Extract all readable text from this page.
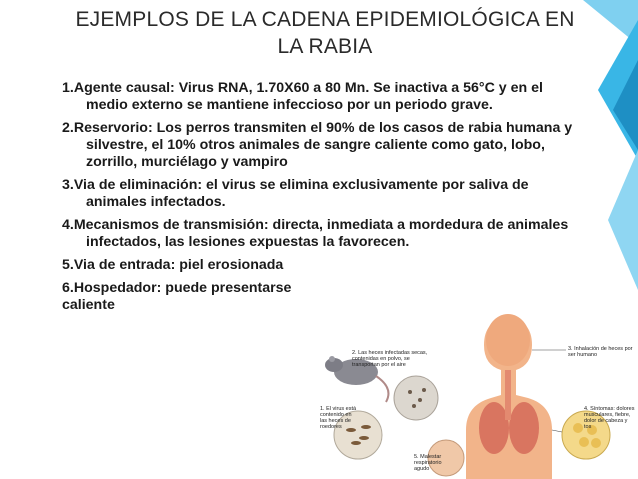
EJEMPLOS DE LA CADENA EPIDEMIOLÓGICA EN
LA RABIA
1.Agente causal: Virus RNA, 1.70X60 a 80 Mn. Se inactiva a 56°C y en el medio externo se mantiene infeccioso por un periodo grave.
2.Reservorio: Los perros transmiten el 90% de los casos de rabia humana y silvestre, el 10% otros animales de sangre caliente como gato, lobo, zorrillo, murciélago y vampiro
3.Via de eliminación: el virus se elimina exclusivamente por saliva de animales infectados.
4.Mecanismos de transmisión: directa, inmediata a mordedura de animales infectados, las lesiones expuestas la favorecen.
5.Via de entrada: piel erosionada
6.Hospedador: puede presentarse
caliente
1. El virus está contenido en las heces de roedores
2. Las heces infectadas secas, contenidas en polvo, se transportan por el aire
3. Inhalación de heces por ser humano
4. Síntomas: dolores musculares, fiebre, dolor de cabeza y tos
5. Malestar respiratorio agudo
